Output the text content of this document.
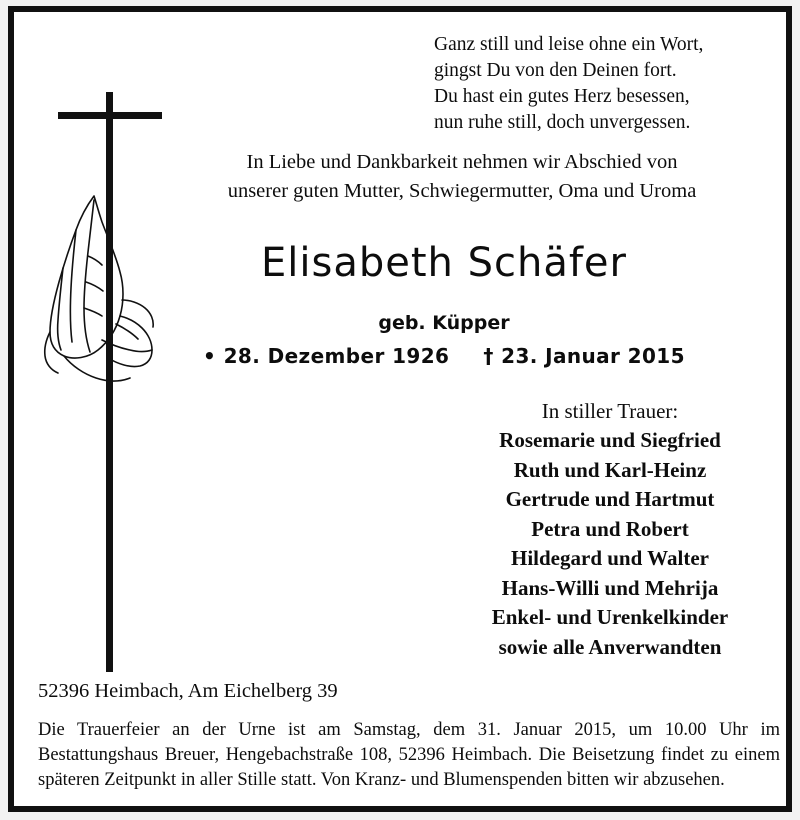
Ganz still und leise ohne ein Wort,
gingst Du von den Deinen fort.
Du hast ein gutes Herz besessen,
nun ruhe still, doch unvergessen.
In Liebe und Dankbarkeit nehmen wir Abschied von
unserer guten Mutter, Schwiegermutter, Oma und Uroma
Elisabeth Schäfer
geb. Küpper
• 28. Dezember 1926 † 23. Januar 2015
In stiller Trauer:
Rosemarie und Siegfried
Ruth und Karl-Heinz
Gertrude und Hartmut
Petra und Robert
Hildegard und Walter
Hans-Willi und Mehrija
Enkel- und Urenkelkinder
sowie alle Anverwandten
52396 Heimbach, Am Eichelberg 39
Die Trauerfeier an der Urne ist am Samstag, dem 31. Januar 2015, um 10.00 Uhr im Bestattungshaus Breuer, Hengebachstraße 108, 52396 Heimbach. Die Beisetzung findet zu einem späteren Zeitpunkt in aller Stille statt. Von Kranz- und Blumenspenden bitten wir abzusehen.
